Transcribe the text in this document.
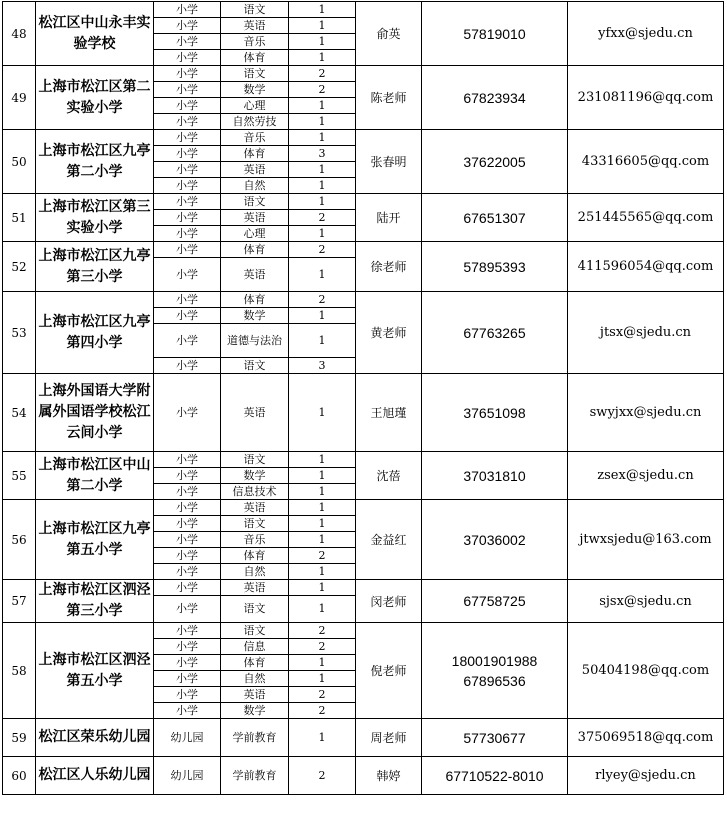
48	松江区中山永丰实验学校	小学	语文	1	俞英	57819010	yfxx@sjedu.cn
		小学	英语	1			
		小学	音乐	1			
		小学	体育	1			
49	上海市松江区第二实验小学	小学	语文	2	陈老师	67823934	231081196@qq.com
		小学	数学	2			
		小学	心理	1			
		小学	自然劳技	1			
50	上海市松江区九亭第二小学	小学	音乐	1	张春明	37622005	43316605@qq.com
		小学	体育	3			
		小学	英语	1			
		小学	自然	1			
51	上海市松江区第三实验小学	小学	语文	1	陆开	67651307	251445565@qq.com
		小学	英语	2			
		小学	心理	1			
52	上海市松江区九亭第三小学	小学	体育	2	徐老师	57895393	411596054@qq.com
		小学	英语	1			
53	上海市松江区九亭第四小学	小学	体育	2	黄老师	67763265	jtsx@sjedu.cn
		小学	数学	1			
		小学	道德与法治	1			
		小学	语文	3			
54	上海外国语大学附属外国语学校松江云间小学	小学	英语	1	王旭瑾	37651098	swyjxx@sjedu.cn
55	上海市松江区中山第二小学	小学	语文	1	沈蓓	37031810	zsex@sjedu.cn
		小学	数学	1			
		小学	信息技术	1			
56	上海市松江区九亭第五小学	小学	英语	1	金益红	37036002	jtwxsjedu@163.com
		小学	语文	1			
		小学	音乐	1			
		小学	体育	2			
		小学	自然	1			
57	上海市松江区泗泾第三小学	小学	英语	1	闵老师	67758725	sjsx@sjedu.cn
		小学	语文	1			
58	上海市松江区泗泾第五小学	小学	语文	2	倪老师	18001901988 67896536	50404198@qq.com
		小学	信息	2			
		小学	体育	1			
		小学	自然	1			
		小学	英语	2			
		小学	数学	2			
59	松江区荣乐幼儿园	幼儿园	学前教育	1	周老师	57730677	375069518@qq.com
60	松江区人乐幼儿园	幼儿园	学前教育	2	韩婷	67710522-8010	rlyey@sjedu.cn
